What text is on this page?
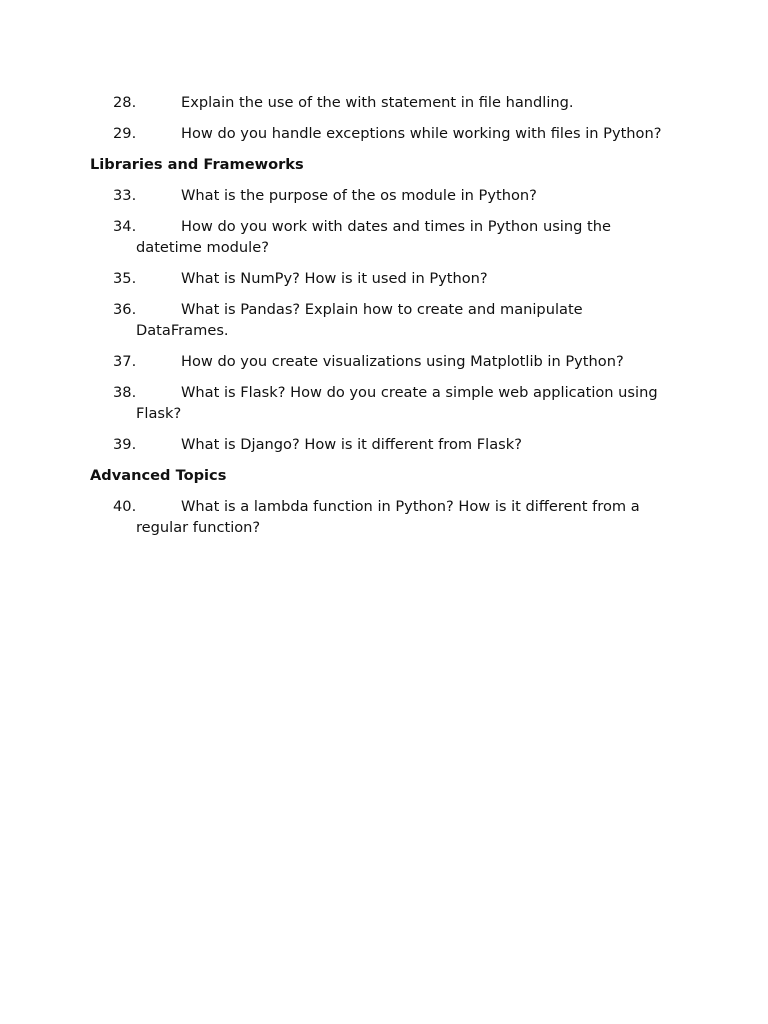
28.	Explain the use of the with statement in file handling.
29.	How do you handle exceptions while working with files in Python?
Libraries and Frameworks
33.	What is the purpose of the os module in Python?
34.	How do you work with dates and times in Python using the
datetime module?
35.	What is NumPy? How is it used in Python?
36.	What is Pandas? Explain how to create and manipulate
DataFrames.
37.	How do you create visualizations using Matplotlib in Python?
38.	What is Flask? How do you create a simple web application using
Flask?
39.	What is Django? How is it different from Flask?
Advanced Topics
40.	What is a lambda function in Python? How is it different from a
regular function?
